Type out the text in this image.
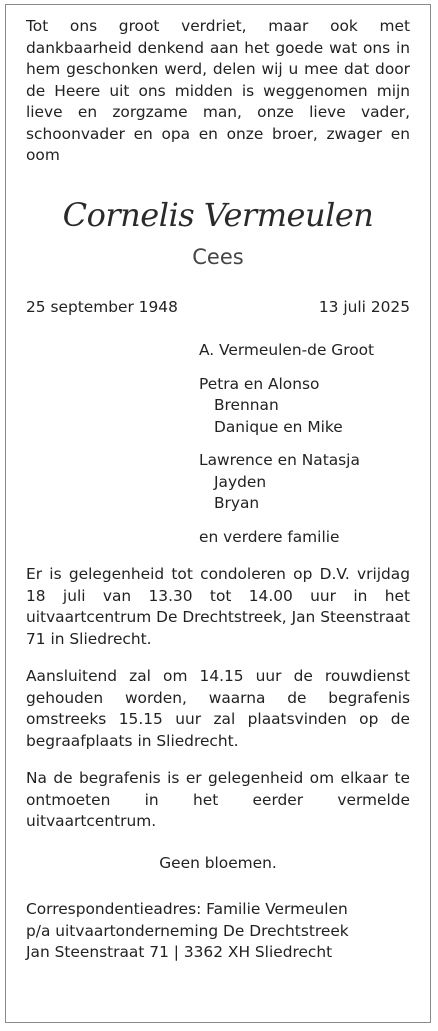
Tot ons groot verdriet, maar ook met dankbaarheid denkend aan het goede wat ons in hem geschonken werd, delen wij u mee dat door de Heere uit ons midden is weggenomen mijn lieve en zorgzame man, onze lieve vader, schoonvader en opa en onze broer, zwager en oom

Cornelis Vermeulen
Cees
25 september 1948	13 juli 2025
A. Vermeulen-de Groot
Petra en Alonso
Brennan
Danique en Mike
Lawrence en Natasja
Jayden
Bryan
en verdere familie

Er is gelegenheid tot condoleren op D.V. vrijdag 18 juli van 13.30 tot 14.00 uur in het uitvaartcentrum De Drechtstreek, Jan Steenstraat 71 in Sliedrecht.

Aansluitend zal om 14.15 uur de rouwdienst gehouden worden, waarna de begrafenis omstreeks 15.15 uur zal plaatsvinden op de begraafplaats in Sliedrecht.

Na de begrafenis is er gelegenheid om elkaar te ontmoeten in het eerder vermelde uitvaartcentrum.

Geen bloemen.
Correspondentieadres: Familie Vermeulen
p/a uitvaartonderneming De Drechtstreek
Jan Steenstraat 71 | 3362 XH Sliedrecht
